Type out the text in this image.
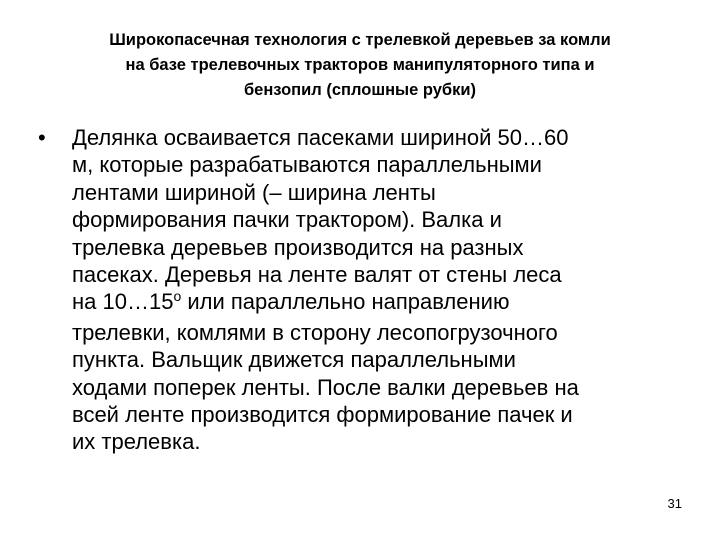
Широкопасечная технология с трелевкой деревьев за комли
на базе трелевочных тракторов манипуляторного типа и
бензопил (сплошные рубки)
• Делянка осваивается пасеками шириной 50…60
м, которые разрабатываются параллельными
лентами шириной (– ширина ленты
формирования пачки трактором). Валка и
трелевка деревьев производится на разных
пасеках. Деревья на ленте валят от стены леса
на $10\dots 15^о$ или параллельно направлению
трелевки, комлями в сторону лесопогрузочного
пункта. Вальщик движется параллельными
ходами поперек ленты. После валки деревьев на
всей ленте производится формирование пачек и
их трелевка.
31
